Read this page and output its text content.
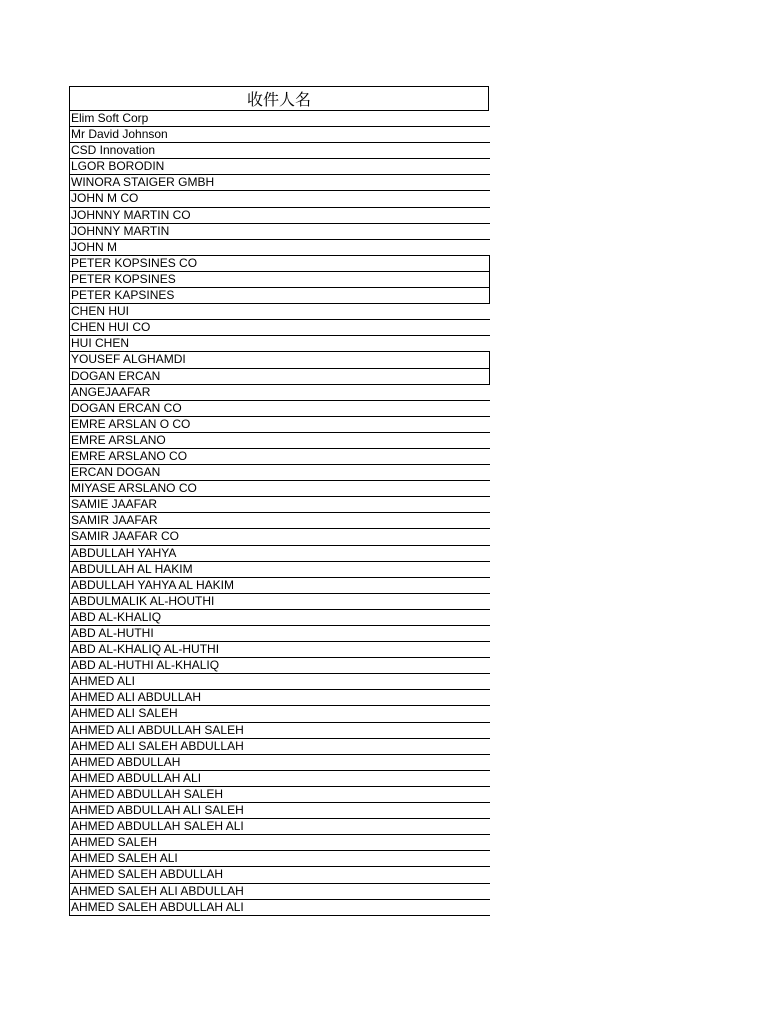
收件人名
Elim Soft Corp
Mr David Johnson
CSD Innovation
LGOR BORODIN
WINORA STAIGER GMBH
JOHN M CO
JOHNNY MARTIN CO
JOHNNY MARTIN
JOHN M
PETER KOPSINES CO
PETER KOPSINES
PETER KAPSINES
CHEN HUI
CHEN HUI CO
HUI CHEN
YOUSEF ALGHAMDI
DOGAN ERCAN
ANGEJAAFAR
DOGAN ERCAN CO
EMRE ARSLAN O CO
EMRE ARSLANO
EMRE ARSLANO CO
ERCAN DOGAN
MIYASE ARSLANO CO
SAMIE JAAFAR
SAMIR JAAFAR
SAMIR JAAFAR CO
ABDULLAH YAHYA
ABDULLAH AL HAKIM
ABDULLAH YAHYA AL HAKIM
ABDULMALIK AL-HOUTHI
ABD AL-KHALIQ
ABD AL-HUTHI
ABD AL-KHALIQ AL-HUTHI
ABD AL-HUTHI AL-KHALIQ
AHMED ALI
AHMED ALI ABDULLAH
AHMED ALI SALEH
AHMED ALI ABDULLAH SALEH
AHMED ALI SALEH ABDULLAH
AHMED ABDULLAH
AHMED ABDULLAH ALI
AHMED ABDULLAH SALEH
AHMED ABDULLAH ALI SALEH
AHMED ABDULLAH SALEH ALI
AHMED SALEH
AHMED SALEH ALI
AHMED SALEH ABDULLAH
AHMED SALEH ALI ABDULLAH
AHMED SALEH ABDULLAH ALI
